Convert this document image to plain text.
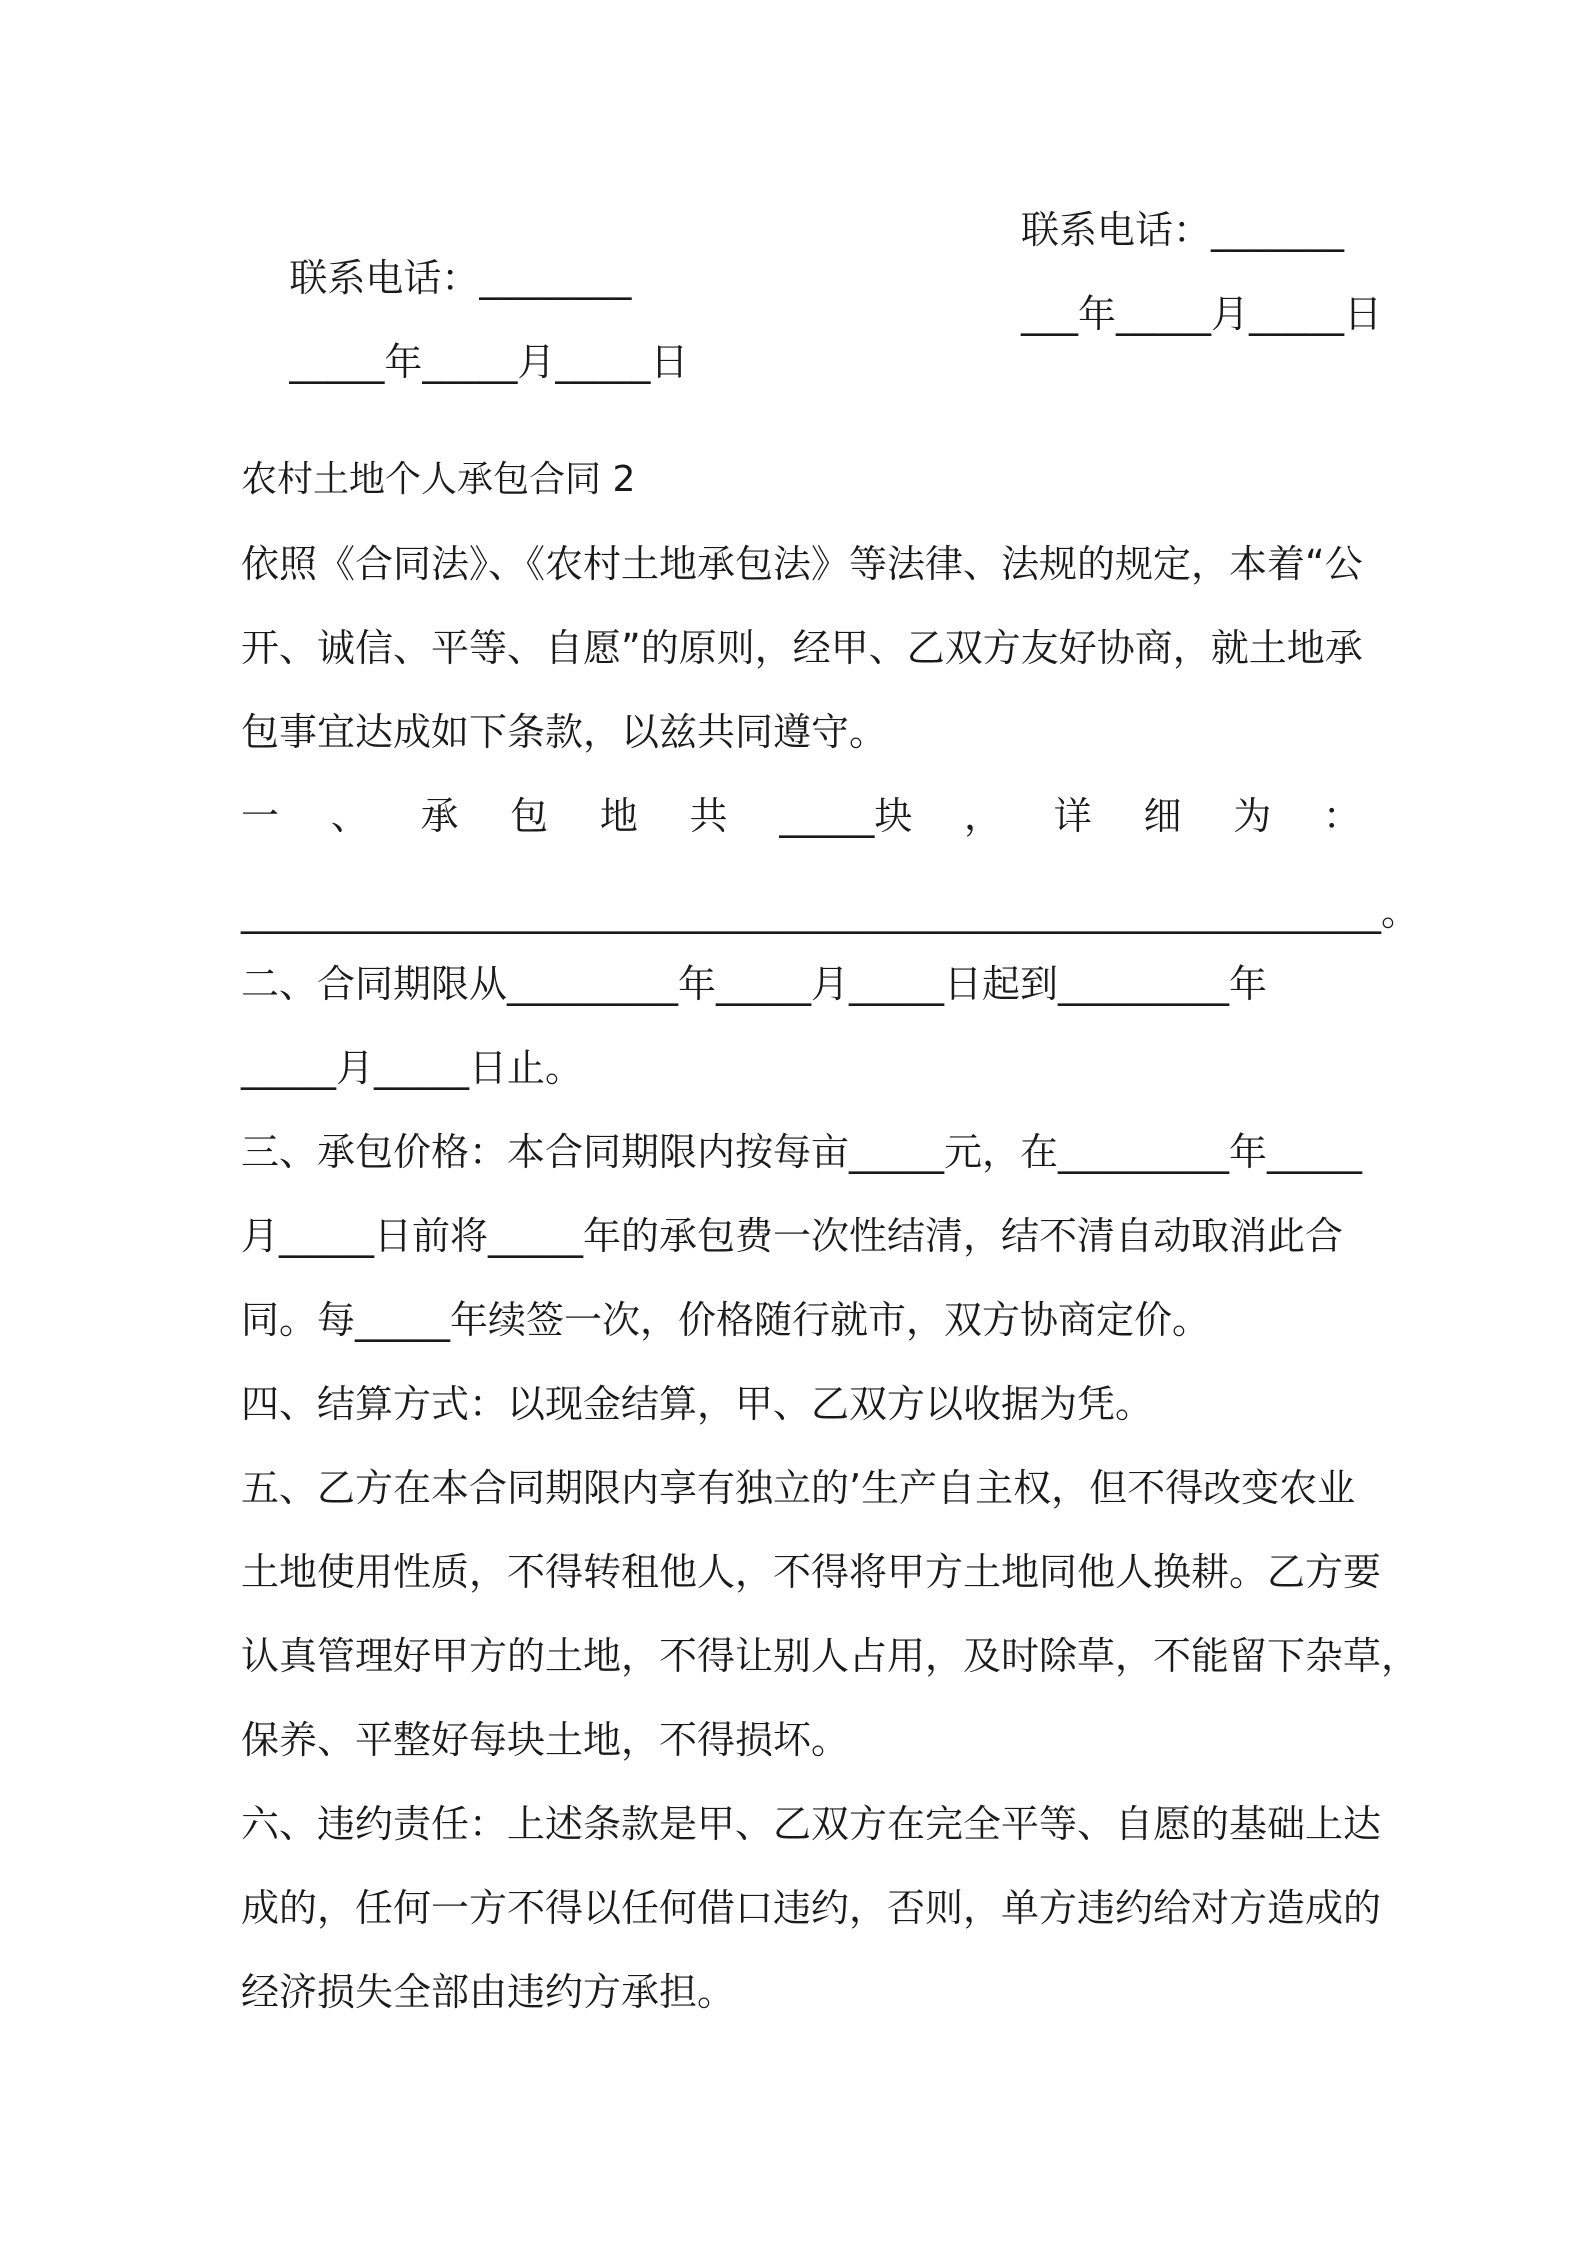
联系电话：________

联系电话：_______

_____年_____月_____日

___年_____月_____日

农村土地个人承包合同 2
依照《合同法》、《农村土地承包法》等法律、法规的规定，本着“公
开、诚信、平等、自愿”的原则，经甲、乙双方友好协商，就土地承
包事宜达成如下条款，以兹共同遵守。
一 、 承 包 地 共 _____块 ， 详 细 为 ：
____________________________________________________________。
二、合同期限从_________年_____月_____日起到_________年
_____月_____日止。
三、承包价格：本合同期限内按每亩_____元，在_________年_____
月_____日前将_____年的承包费一次性结清，结不清自动取消此合
同。每_____年续签一次，价格随行就市，双方协商定价。
四、结算方式：以现金结算，甲、乙双方以收据为凭。
五、乙方在本合同期限内享有独立的’生产自主权，但不得改变农业
土地使用性质，不得转租他人，不得将甲方土地同他人换耕。乙方要
认真管理好甲方的土地，不得让别人占用，及时除草，不能留下杂草，
保养、平整好每块土地，不得损坏。
六、违约责任：上述条款是甲、乙双方在完全平等、自愿的基础上达
成的，任何一方不得以任何借口违约，否则，单方违约给对方造成的
经济损失全部由违约方承担。
